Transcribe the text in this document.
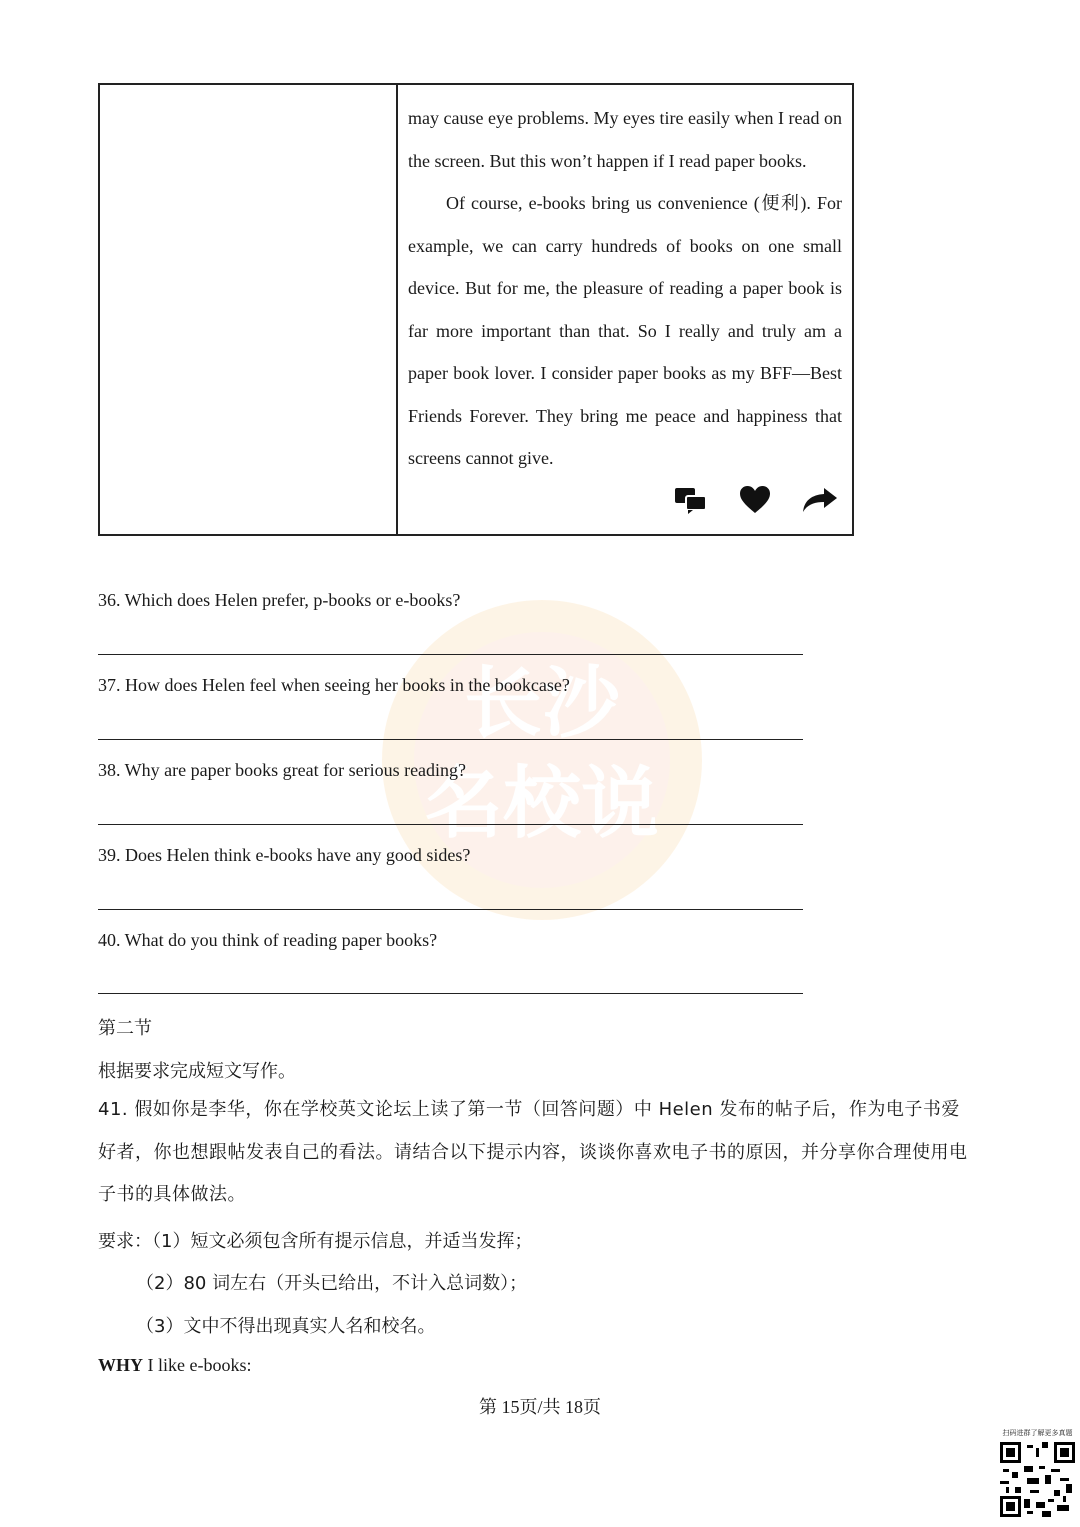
may cause eye problems. My eyes tire easily when I read on the screen. But this won’t happen if I read paper books.

Of course, e-books bring us convenience (便利). For example, we can carry hundreds of books on one small device. But for me, the pleasure of reading a paper book is far more important than that. So I really and truly am a paper book lover. I consider paper books as my BFF—Best Friends Forever. They bring me peace and happiness that screens cannot give.

长沙
名校说
36. Which does Helen prefer, p-books or e-books?
37. How does Helen feel when seeing her books in the bookcase?
38. Why are paper books great for serious reading?
39. Does Helen think e-books have any good sides?
40. What do you think of reading paper books?
第二节
根据要求完成短文写作。
41. 假如你是李华，你在学校英文论坛上读了第一节（回答问题）中 Helen 发布的帖子后，作为电子书爱好者，你也想跟帖发表自己的看法。请结合以下提示内容，谈谈你喜欢电子书的原因，并分享你合理使用电子书的具体做法。
要求：（1）短文必须包含所有提示信息，并适当发挥；
（2）80 词左右（开头已给出，不计入总词数）；
（3）文中不得出现真实人名和校名。
WHY I like e-books:
第 15页/共 18页
扫码进群了解更多真题
